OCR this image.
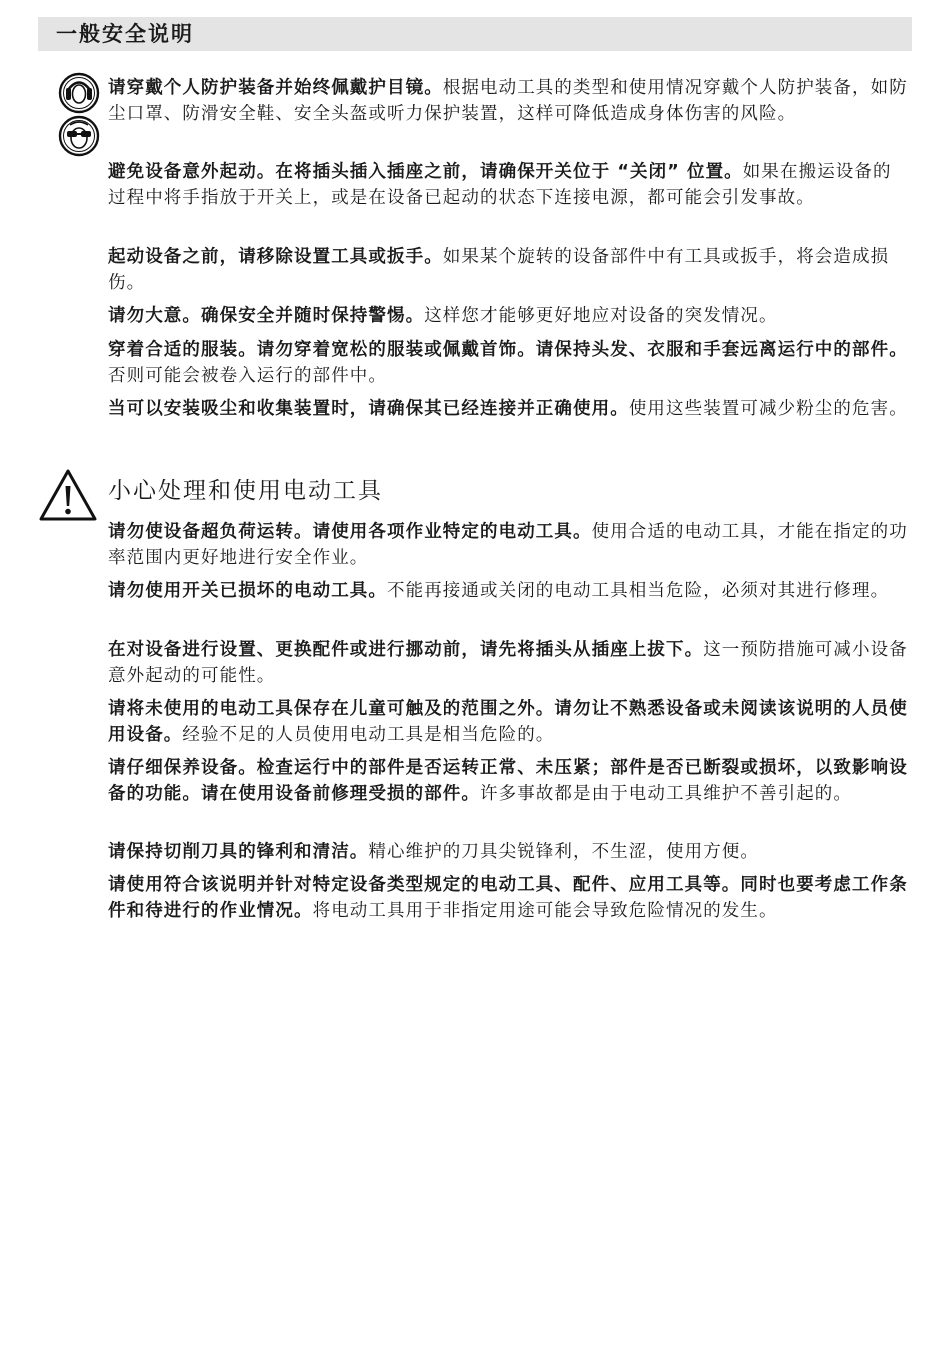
一般安全说明

请穿戴个人防护装备并始终佩戴护目镜。根据电动工具的类型和使用情况穿戴个人防护装备，如防尘口罩、防滑安全鞋、安全头盔或听力保护装置，这样可降低造成身体伤害的风险。

避免设备意外起动。在将插头插入插座之前，请确保开关位于 “关闭” 位置。如果在搬运设备的过程中将手指放于开关上，或是在设备已起动的状态下连接电源，都可能会引发事故。

起动设备之前，请移除设置工具或扳手。如果某个旋转的设备部件中有工具或扳手，将会造成损伤。

请勿大意。确保安全并随时保持警惕。这样您才能够更好地应对设备的突发情况。

穿着合适的服装。请勿穿着宽松的服装或佩戴首饰。请保持头发、衣服和手套远离运行中的部件。否则可能会被卷入运行的部件中。

当可以安装吸尘和收集装置时，请确保其已经连接并正确使用。使用这些装置可减少粉尘的危害。

小心处理和使用电动工具

请勿使设备超负荷运转。请使用各项作业特定的电动工具。使用合适的电动工具，才能在指定的功率范围内更好地进行安全作业。

请勿使用开关已损坏的电动工具。不能再接通或关闭的电动工具相当危险，必须对其进行修理。

在对设备进行设置、更换配件或进行挪动前，请先将插头从插座上拔下。这一预防措施可减小设备意外起动的可能性。

请将未使用的电动工具保存在儿童可触及的范围之外。请勿让不熟悉设备或未阅读该说明的人员使用设备。经验不足的人员使用电动工具是相当危险的。

请仔细保养设备。检查运行中的部件是否运转正常、未压紧；部件是否已断裂或损坏，以致影响设备的功能。请在使用设备前修理受损的部件。许多事故都是由于电动工具维护不善引起的。

请保持切削刀具的锋利和清洁。精心维护的刀具尖锐锋利，不生涩，使用方便。

请使用符合该说明并针对特定设备类型规定的电动工具、配件、应用工具等。同时也要考虑工作条件和待进行的作业情况。将电动工具用于非指定用途可能会导致危险情况的发生。
